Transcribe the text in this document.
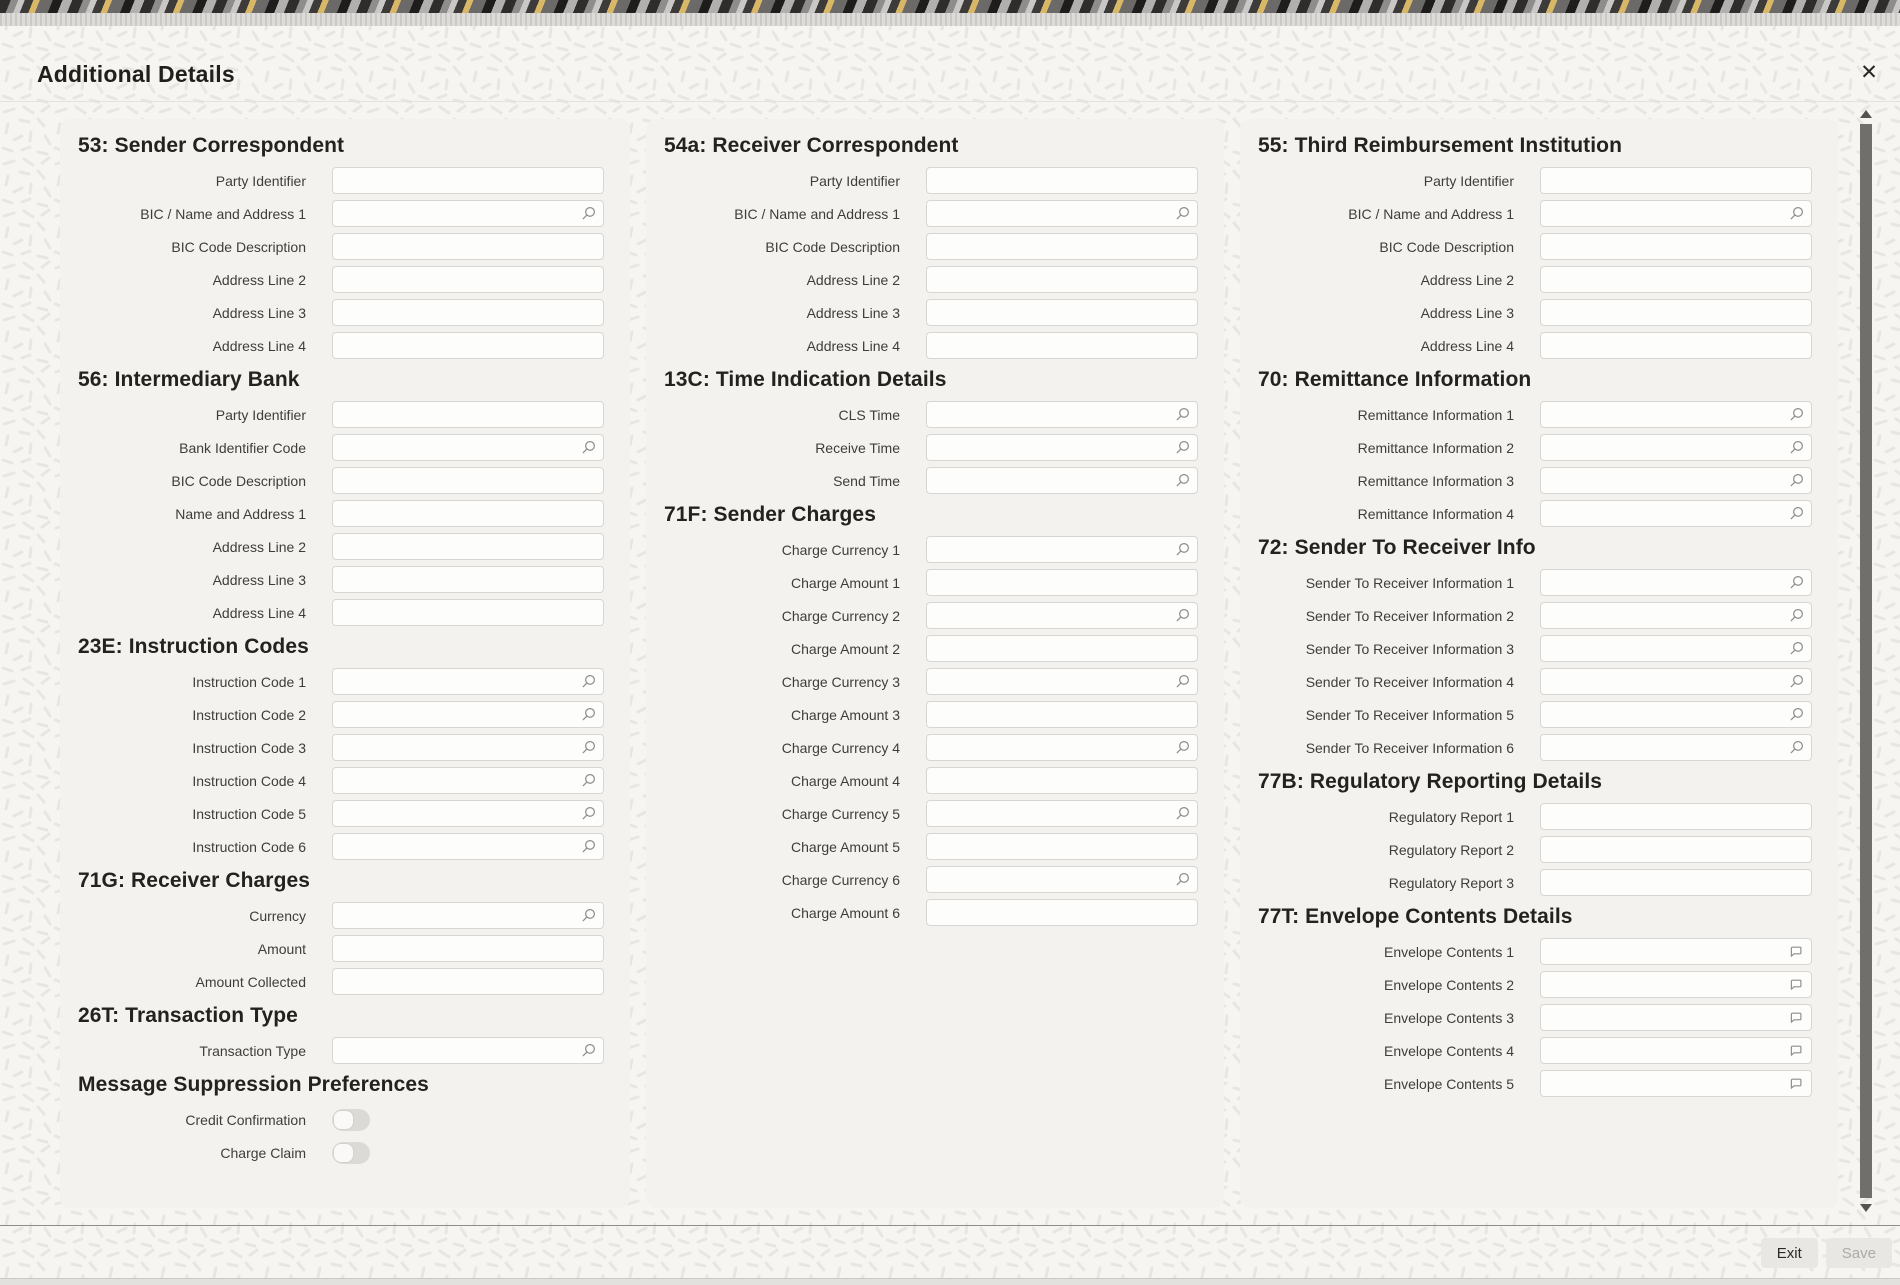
Additional Details	✕
53: Sender Correspondent
Party Identifier
BIC / Name and Address 1
BIC Code Description
Address Line 2
Address Line 3
Address Line 4
56: Intermediary Bank
Party Identifier
Bank Identifier Code
BIC Code Description
Name and Address 1
Address Line 2
Address Line 3
Address Line 4
23E: Instruction Codes
Instruction Code 1
Instruction Code 2
Instruction Code 3
Instruction Code 4
Instruction Code 5
Instruction Code 6
71G: Receiver Charges
Currency
Amount
Amount Collected
26T: Transaction Type
Transaction Type
Message Suppression Preferences
Credit Confirmation
Charge Claim
54a: Receiver Correspondent
Party Identifier
BIC / Name and Address 1
BIC Code Description
Address Line 2
Address Line 3
Address Line 4
13C: Time Indication Details
CLS Time
Receive Time
Send Time
71F: Sender Charges
Charge Currency 1
Charge Amount 1
Charge Currency 2
Charge Amount 2
Charge Currency 3
Charge Amount 3
Charge Currency 4
Charge Amount 4
Charge Currency 5
Charge Amount 5
Charge Currency 6
Charge Amount 6
55: Third Reimbursement Institution
Party Identifier
BIC / Name and Address 1
BIC Code Description
Address Line 2
Address Line 3
Address Line 4
70: Remittance Information
Remittance Information 1
Remittance Information 2
Remittance Information 3
Remittance Information 4
72: Sender To Receiver Info
Sender To Receiver Information 1
Sender To Receiver Information 2
Sender To Receiver Information 3
Sender To Receiver Information 4
Sender To Receiver Information 5
Sender To Receiver Information 6
77B: Regulatory Reporting Details
Regulatory Report 1
Regulatory Report 2
Regulatory Report 3
77T: Envelope Contents Details
Envelope Contents 1
Envelope Contents 2
Envelope Contents 3
Envelope Contents 4
Envelope Contents 5
Exit	Save
